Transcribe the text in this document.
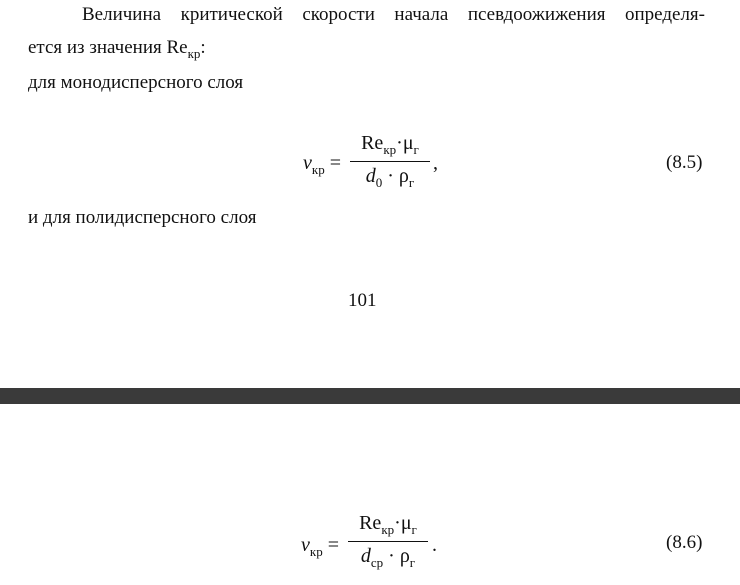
Величина критической скорости начала псевдоожижения определя-
ется из значения $Re_{кр}$:
для монодисперсного слоя
$v_{кр}$ =
$Re_{кр}\cdot\mu_г$
$d_0 \cdot \rho_г$
,	(8.5)
и для полидисперсного слоя
101
$v_{кр}$ =
$Re_{кр}\cdot\mu_г$
$d_{ср} \cdot \rho_г$
.	(8.6)
